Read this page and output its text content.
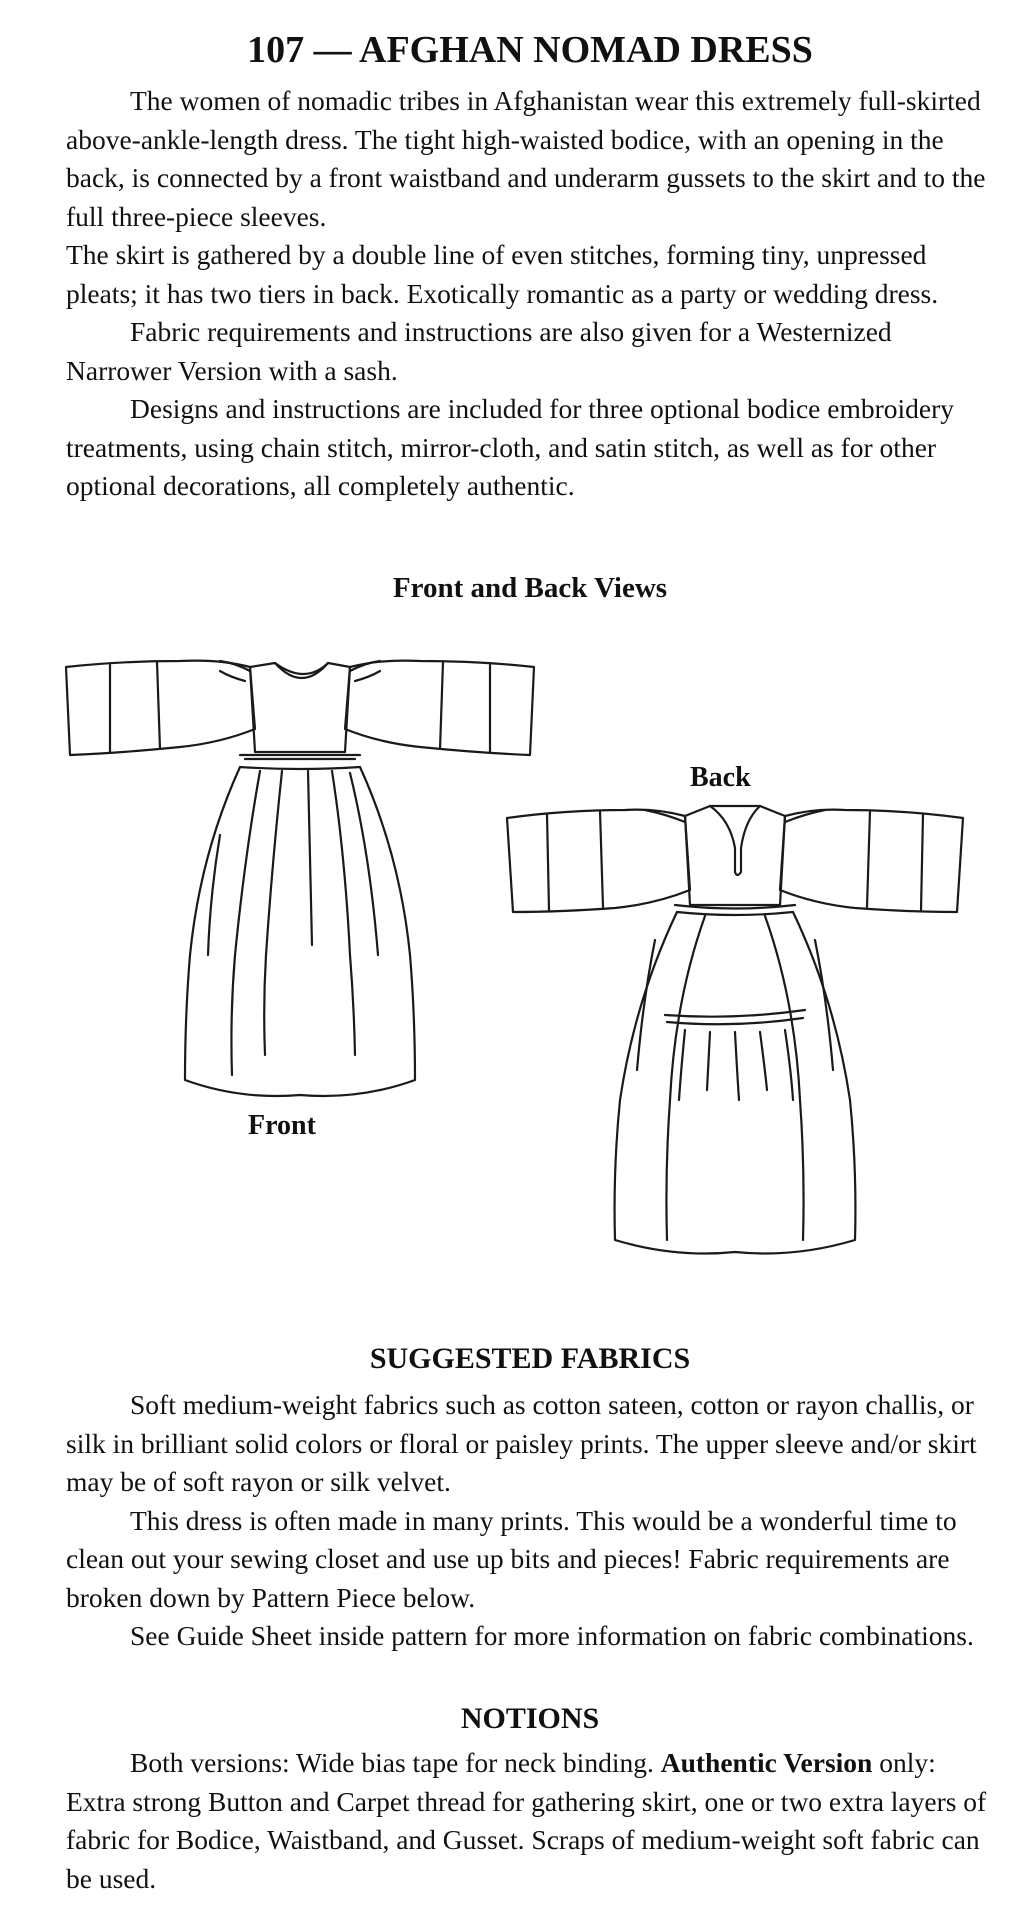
107 — AFGHAN NOMAD DRESS

The women of nomadic tribes in Afghanistan wear this extremely full-skirted above-ankle-length dress. The tight high-waisted bodice, with an opening in the back, is connected by a front waistband and underarm gussets to the skirt and to the full three-piece sleeves.

The skirt is gathered by a double line of even stitches, forming tiny, unpressed pleats; it has two tiers in back. Exotically romantic as a party or wedding dress.

Fabric requirements and instructions are also given for a Westernized Narrower Version with a sash.

Designs and instructions are included for three optional bodice embroidery treatments, using chain stitch, mirror-cloth, and satin stitch, as well as for other optional decorations, all completely authentic.

Front and Back Views

Front

Back

SUGGESTED FABRICS

Soft medium-weight fabrics such as cotton sateen, cotton or rayon challis, or silk in brilliant solid colors or floral or paisley prints. The upper sleeve and/or skirt may be of soft rayon or silk velvet.

This dress is often made in many prints. This would be a wonderful time to clean out your sewing closet and use up bits and pieces! Fabric requirements are broken down by Pattern Piece below.

See Guide Sheet inside pattern for more information on fabric combinations.

NOTIONS

Both versions: Wide bias tape for neck binding. Authentic Version only: Extra strong Button and Carpet thread for gathering skirt, one or two extra layers of fabric for Bodice, Waistband, and Gusset. Scraps of medium-weight soft fabric can be used.
